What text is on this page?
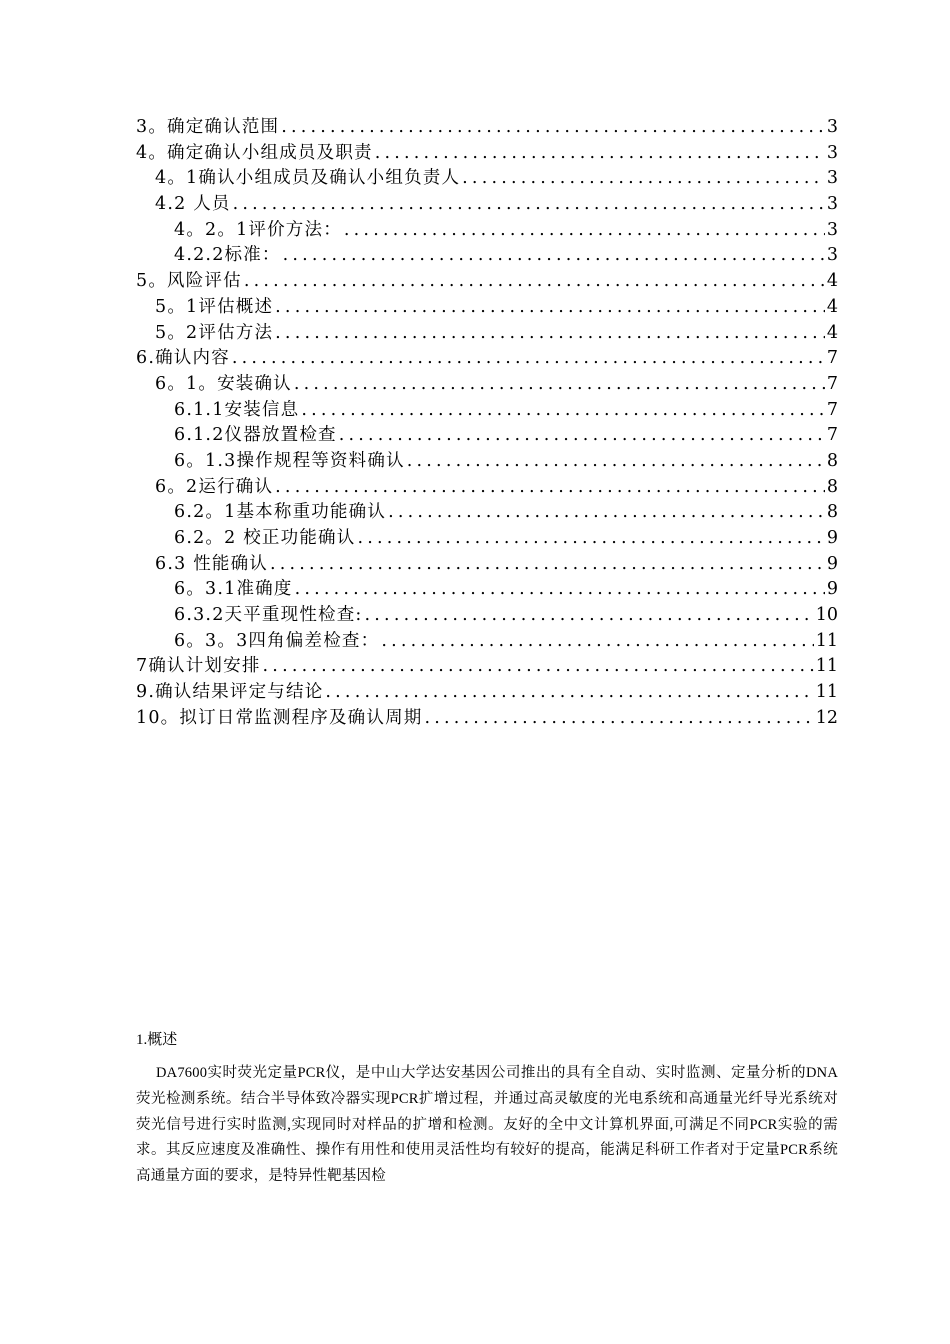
3。确定确认范围 .....	3
4。确定确认小组成员及职责 .....	3
4。1确认小组成员及确认小组负责人 .....	3
4.2 人员 .....	3
4。2。1评价方法： .....	3
4.2.2标准： .....	3
5。风险评估 .....	4
5。1评估概述 .....	4
5。2评估方法 .....	4
6.确认内容 .....	7
6。1。安装确认 .....	7
6.1.1安装信息 .....	7
6.1.2仪器放置检查 .....	7
6。1.3操作规程等资料确认 .....	8
6。2运行确认 .....	8
6.2。1基本称重功能确认 .....	8
6.2。2 校正功能确认 .....	9
6.3 性能确认 .....	9
6。3.1准确度 .....	9
6.3.2天平重现性检查: .....	10
6。3。3四角偏差检查： .....	11
7确认计划安排 .....	11
9.确认结果评定与结论 .....	11
10。拟订日常监测程序及确认周期 .....	12
1.概述

DA7600实时荧光定量PCR仪，是中山大学达安基因公司推出的具有全自动、实时监测、定量分析的DNA荧光检测系统。结合半导体致冷器实现PCR扩增过程，并通过高灵敏度的光电系统和高通量光纤导光系统对荧光信号进行实时监测,实现同时对样品的扩增和检测。友好的全中文计算机界面,可满足不同PCR实验的需求。其反应速度及准确性、操作有用性和使用灵活性均有较好的提高，能满足科研工作者对于定量PCR系统高通量方面的要求，是特异性靶基因检
